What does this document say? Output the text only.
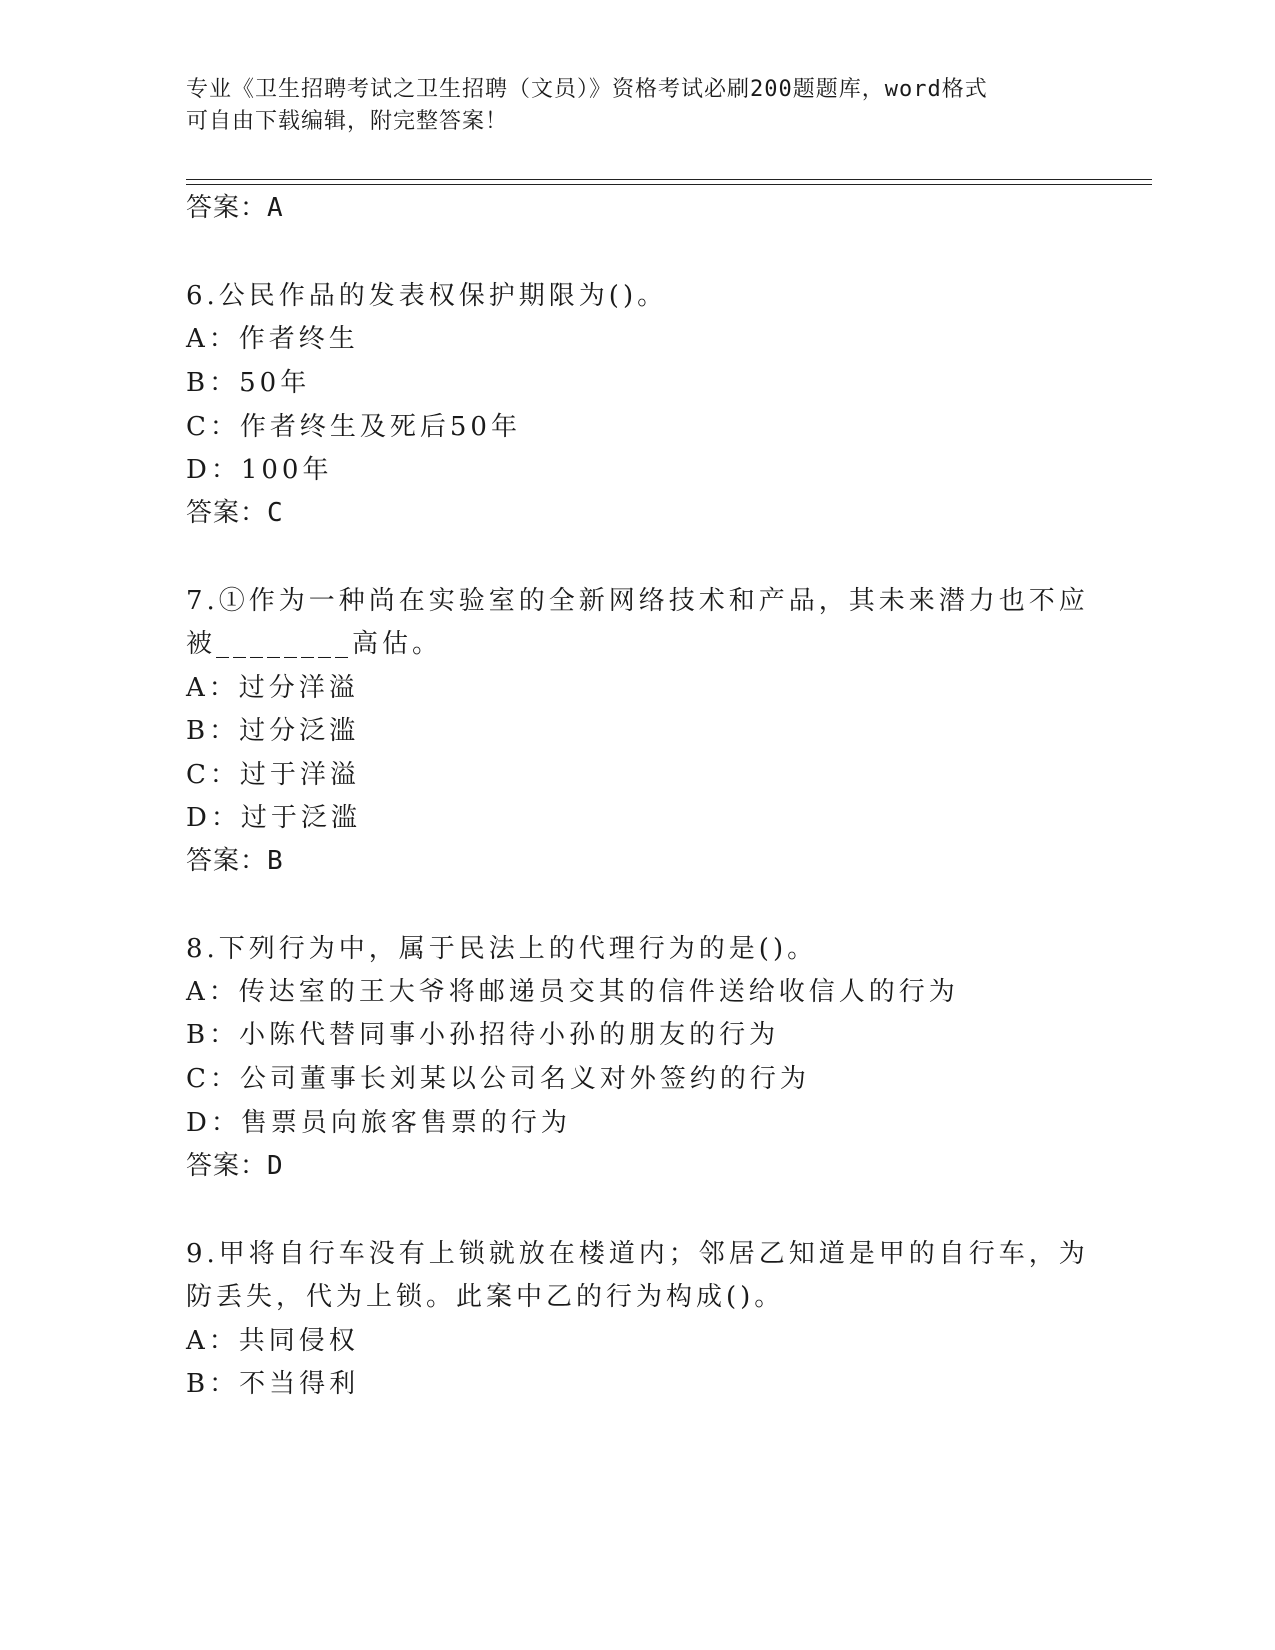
专业《卫生招聘考试之卫生招聘（文员）》资格考试必刷200题题库，word格式
可自由下载编辑，附完整答案！
答案：A
6.公民作品的发表权保护期限为()。
A：作者终生
B：50年
C：作者终生及死后50年
D：100年
答案：C
7.①作为一种尚在实验室的全新网络技术和产品，其未来潜力也不应
被________高估。
A：过分洋溢
B：过分泛滥
C：过于洋溢
D：过于泛滥
答案：B
8.下列行为中，属于民法上的代理行为的是()。
A：传达室的王大爷将邮递员交其的信件送给收信人的行为
B：小陈代替同事小孙招待小孙的朋友的行为
C：公司董事长刘某以公司名义对外签约的行为
D：售票员向旅客售票的行为
答案：D
9.甲将自行车没有上锁就放在楼道内；邻居乙知道是甲的自行车，为
防丢失，代为上锁。此案中乙的行为构成()。
A：共同侵权
B：不当得利
